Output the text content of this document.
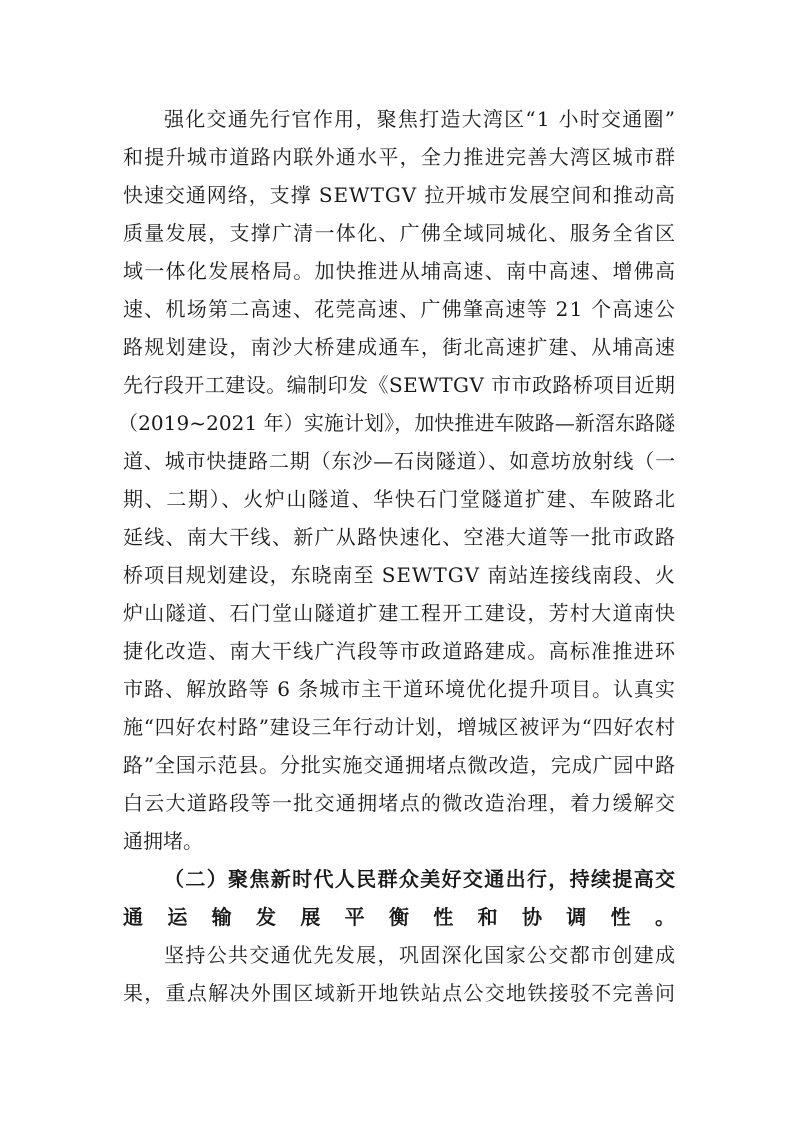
强化交通先行官作用，聚焦打造大湾区“1 小时交通圈”
和提升城市道路内联外通水平，全力推进完善大湾区城市群
快速交通网络，支撑 SEWTGV 拉开城市发展空间和推动高
质量发展，支撑广清一体化、广佛全域同城化、服务全省区
域一体化发展格局。加快推进从埔高速、南中高速、增佛高
速、机场第二高速、花莞高速、广佛肇高速等 21 个高速公
路规划建设，南沙大桥建成通车，街北高速扩建、从埔高速
先行段开工建设。编制印发《SEWTGV 市市政路桥项目近期
（2019~2021 年）实施计划》，加快推进车陂路—新滘东路隧
道、城市快捷路二期（东沙—石岗隧道）、如意坊放射线（一
期、二期）、火炉山隧道、华快石门堂隧道扩建、车陂路北
延线、南大干线、新广从路快速化、空港大道等一批市政路
桥项目规划建设，东晓南至 SEWTGV 南站连接线南段、火
炉山隧道、石门堂山隧道扩建工程开工建设，芳村大道南快
捷化改造、南大干线广汽段等市政道路建成。高标准推进环
市路、解放路等 6 条城市主干道环境优化提升项目。认真实
施“四好农村路”建设三年行动计划，增城区被评为“四好农村
路”全国示范县。分批实施交通拥堵点微改造，完成广园中路
白云大道路段等一批交通拥堵点的微改造治理，着力缓解交
通拥堵。
（二）聚焦新时代人民群众美好交通出行，持续提高交
通运输发展平衡性和协调性。
坚持公共交通优先发展，巩固深化国家公交都市创建成
果，重点解决外围区域新开地铁站点公交地铁接驳不完善问
